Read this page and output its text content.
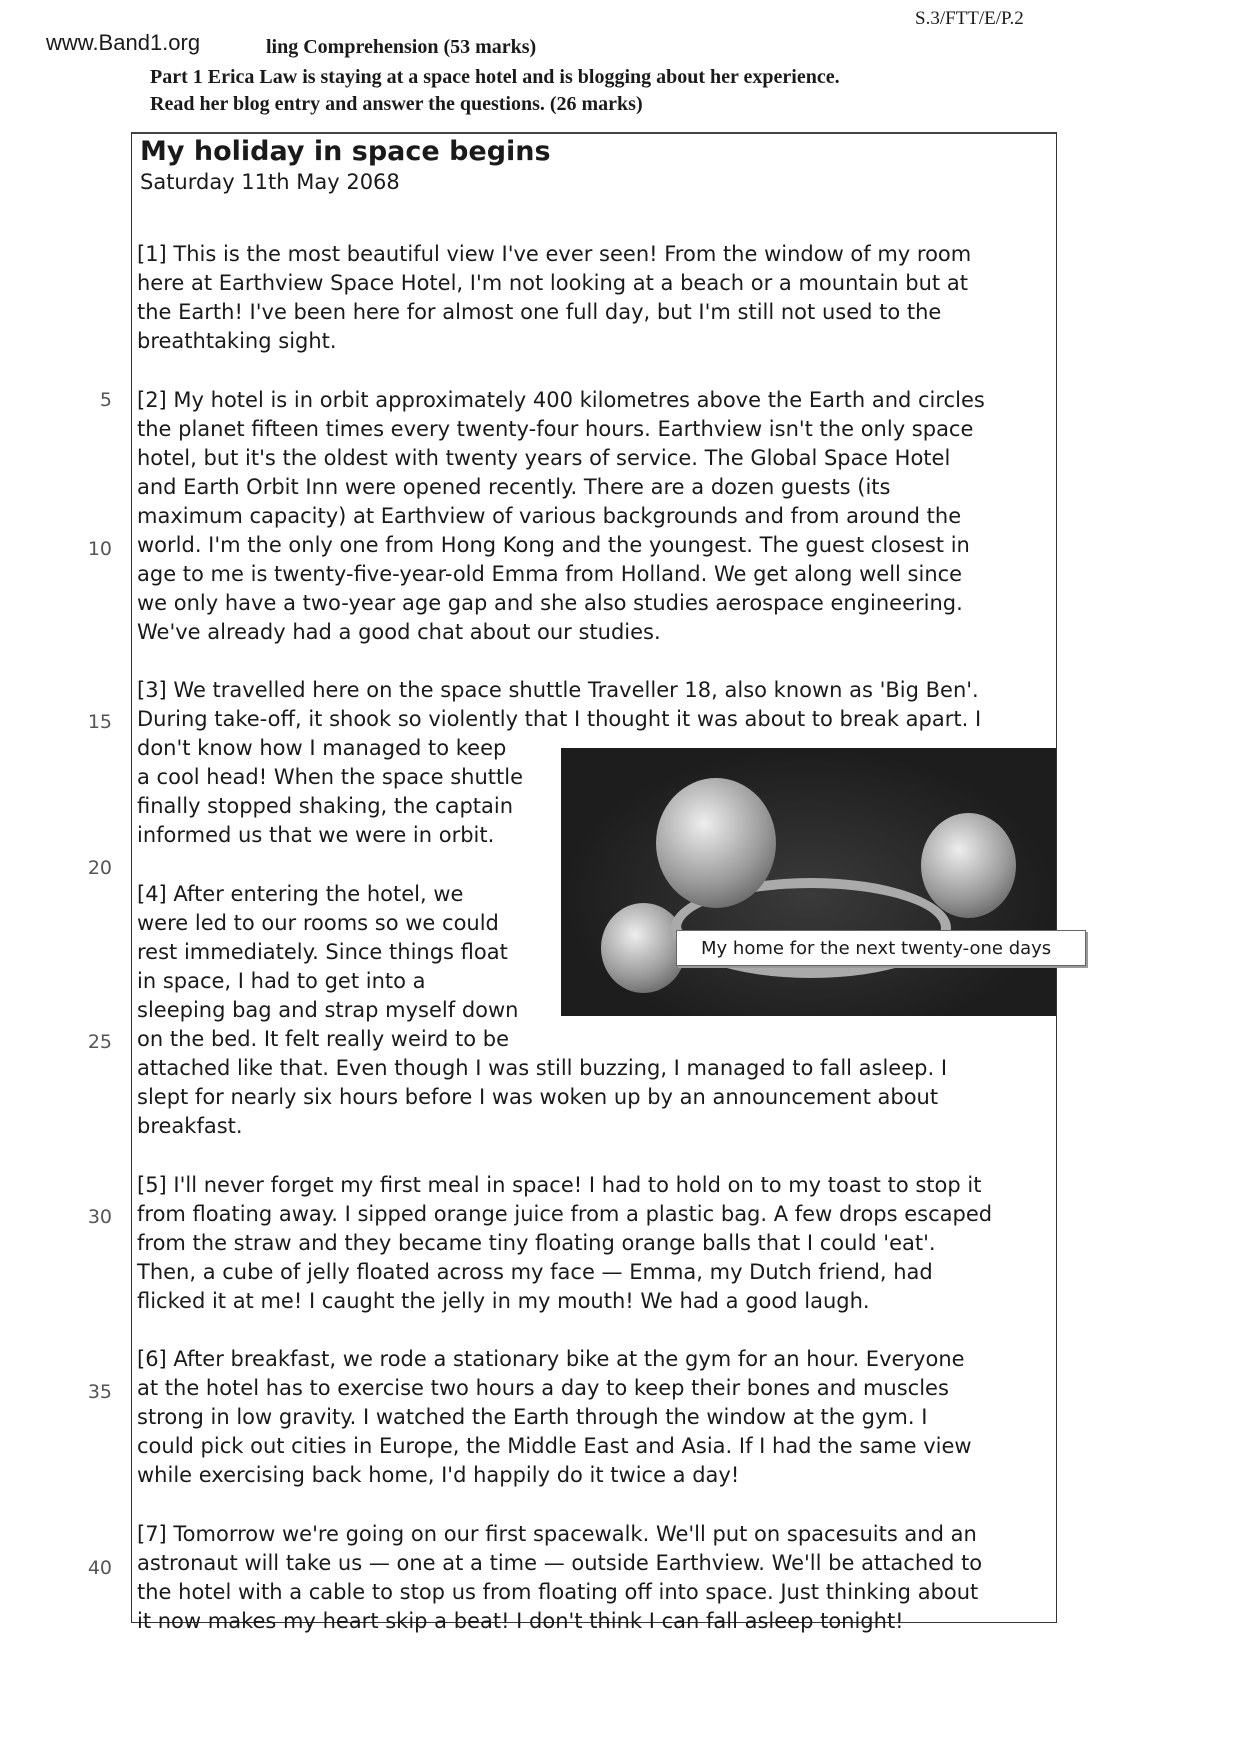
S.3/FTT/E/P.2
ling Comprehension (53 marks)
www.Band1.org
Part 1 Erica Law is staying at a space hotel and is blogging about her experience.
Read her blog entry and answer the questions. (26 marks)
My holiday in space begins
Saturday 11th May 2068
[1] This is the most beautiful view I've ever seen! From the window of my room
here at Earthview Space Hotel, I'm not looking at a beach or a mountain but at
the Earth! I've been here for almost one full day, but I'm still not used to the
breathtaking sight.
[2] My hotel is in orbit approximately 400 kilometres above the Earth and circles
the planet fifteen times every twenty-four hours. Earthview isn't the only space
hotel, but it's the oldest with twenty years of service. The Global Space Hotel
and Earth Orbit Inn were opened recently. There are a dozen guests (its
maximum capacity) at Earthview of various backgrounds and from around the
world. I'm the only one from Hong Kong and the youngest. The guest closest in
age to me is twenty-five-year-old Emma from Holland. We get along well since
we only have a two-year age gap and she also studies aerospace engineering.
We've already had a good chat about our studies.
[3] We travelled here on the space shuttle Traveller 18, also known as 'Big Ben'.
During take-off, it shook so violently that I thought it was about to break apart. I
don't know how I managed to keep
a cool head! When the space shuttle
finally stopped shaking, the captain
informed us that we were in orbit.
[4] After entering the hotel, we
were led to our rooms so we could
rest immediately. Since things float
in space, I had to get into a
sleeping bag and strap myself down
on the bed. It felt really weird to be
attached like that. Even though I was still buzzing, I managed to fall asleep. I
slept for nearly six hours before I was woken up by an announcement about
breakfast.
[5] I'll never forget my first meal in space! I had to hold on to my toast to stop it
from floating away. I sipped orange juice from a plastic bag. A few drops escaped
from the straw and they became tiny floating orange balls that I could 'eat'.
Then, a cube of jelly floated across my face — Emma, my Dutch friend, had
flicked it at me! I caught the jelly in my mouth! We had a good laugh.
[6] After breakfast, we rode a stationary bike at the gym for an hour. Everyone
at the hotel has to exercise two hours a day to keep their bones and muscles
strong in low gravity. I watched the Earth through the window at the gym. I
could pick out cities in Europe, the Middle East and Asia. If I had the same view
while exercising back home, I'd happily do it twice a day!
[7] Tomorrow we're going on our first spacewalk. We'll put on spacesuits and an
astronaut will take us — one at a time — outside Earthview. We'll be attached to
the hotel with a cable to stop us from floating off into space. Just thinking about
it now makes my heart skip a beat! I don't think I can fall asleep tonight!
5
10
15
20
25
30
35
40
My home for the next twenty-one days
